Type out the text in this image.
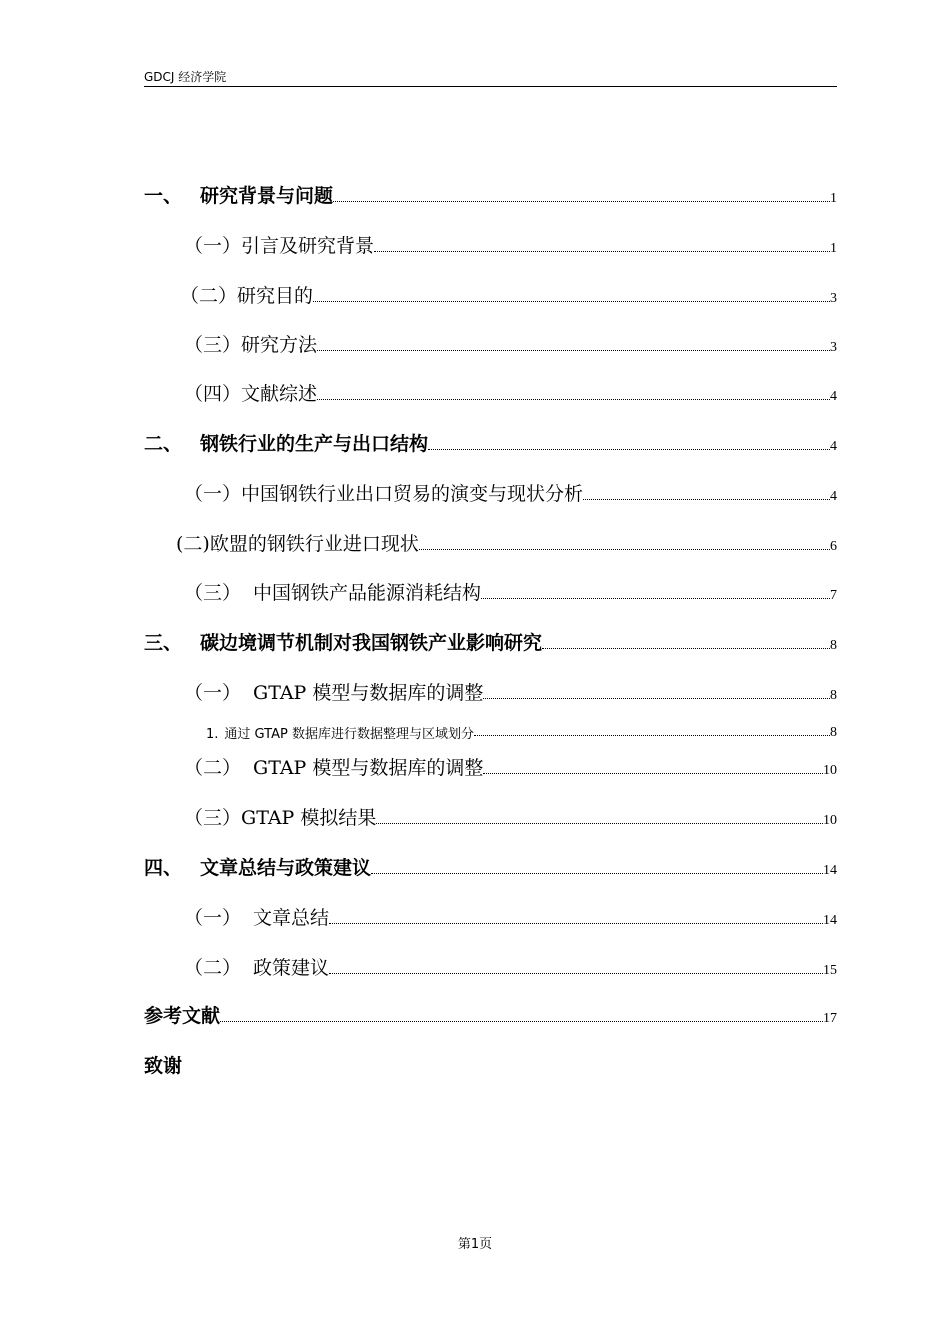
GDCJ 经济学院
一、 研究背景与问题	1
（一）引言及研究背景	1
（二）研究目的	3
（三）研究方法	3
（四）文献综述	4
二、 钢铁行业的生产与出口结构	4
（一）中国钢铁行业出口贸易的演变与现状分析	4
(二)欧盟的钢铁行业进口现状	6
（三） 中国钢铁产品能源消耗结构	7
三、 碳边境调节机制对我国钢铁产业影响研究	8
（一） GTAP 模型与数据库的调整	8
1. 通过 GTAP 数据库进行数据整理与区域划分	8
（二） GTAP 模型与数据库的调整	10
（三）GTAP 模拟结果	10
四、 文章总结与政策建议	14
（一） 文章总结	14
（二） 政策建议	15
参考文献	17
致谢
第1页
